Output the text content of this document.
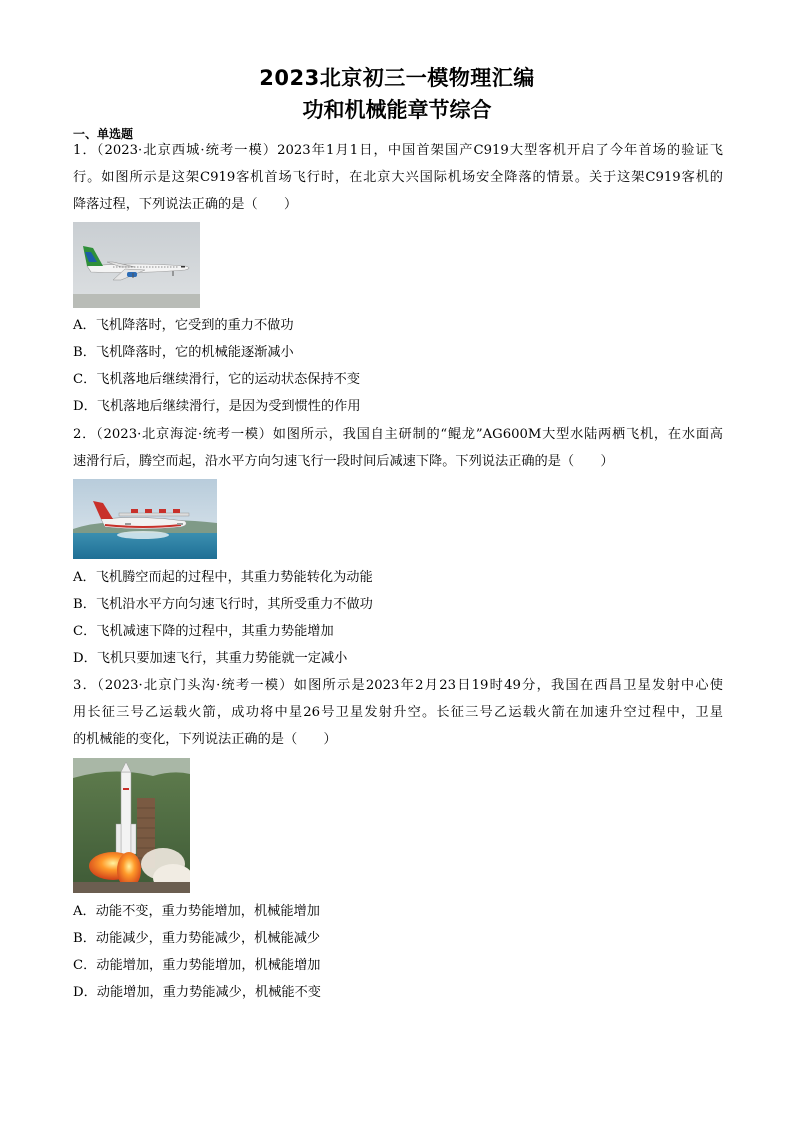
2023北京初三一模物理汇编
功和机械能章节综合
一、单选题
1．（2023·北京西城·统考一模）2023年1月1日，中国首架国产C919大型客机开启了今年首场的验证飞
行。如图所示是这架C919客机首场飞行时，在北京大兴国际机场安全降落的情景。关于这架C919客机的
降落过程，下列说法正确的是（　　）
A．飞机降落时，它受到的重力不做功
B．飞机降落时，它的机械能逐渐减小
C．飞机落地后继续滑行，它的运动状态保持不变
D．飞机落地后继续滑行，是因为受到惯性的作用
2．（2023·北京海淀·统考一模）如图所示，我国自主研制的“鲲龙”AG600M大型水陆两栖飞机，在水面高
速滑行后，腾空而起，沿水平方向匀速飞行一段时间后减速下降。下列说法正确的是（　　）
A．飞机腾空而起的过程中，其重力势能转化为动能
B．飞机沿水平方向匀速飞行时，其所受重力不做功
C．飞机减速下降的过程中，其重力势能增加
D．飞机只要加速飞行，其重力势能就一定减小
3．（2023·北京门头沟·统考一模）如图所示是2023年2月23日19时49分，我国在西昌卫星发射中心使
用长征三号乙运载火箭，成功将中星26号卫星发射升空。长征三号乙运载火箭在加速升空过程中，卫星
的机械能的变化，下列说法正确的是（　　）
A．动能不变，重力势能增加，机械能增加
B．动能减少，重力势能减少，机械能减少
C．动能增加，重力势能增加，机械能增加
D．动能增加，重力势能减少，机械能不变
